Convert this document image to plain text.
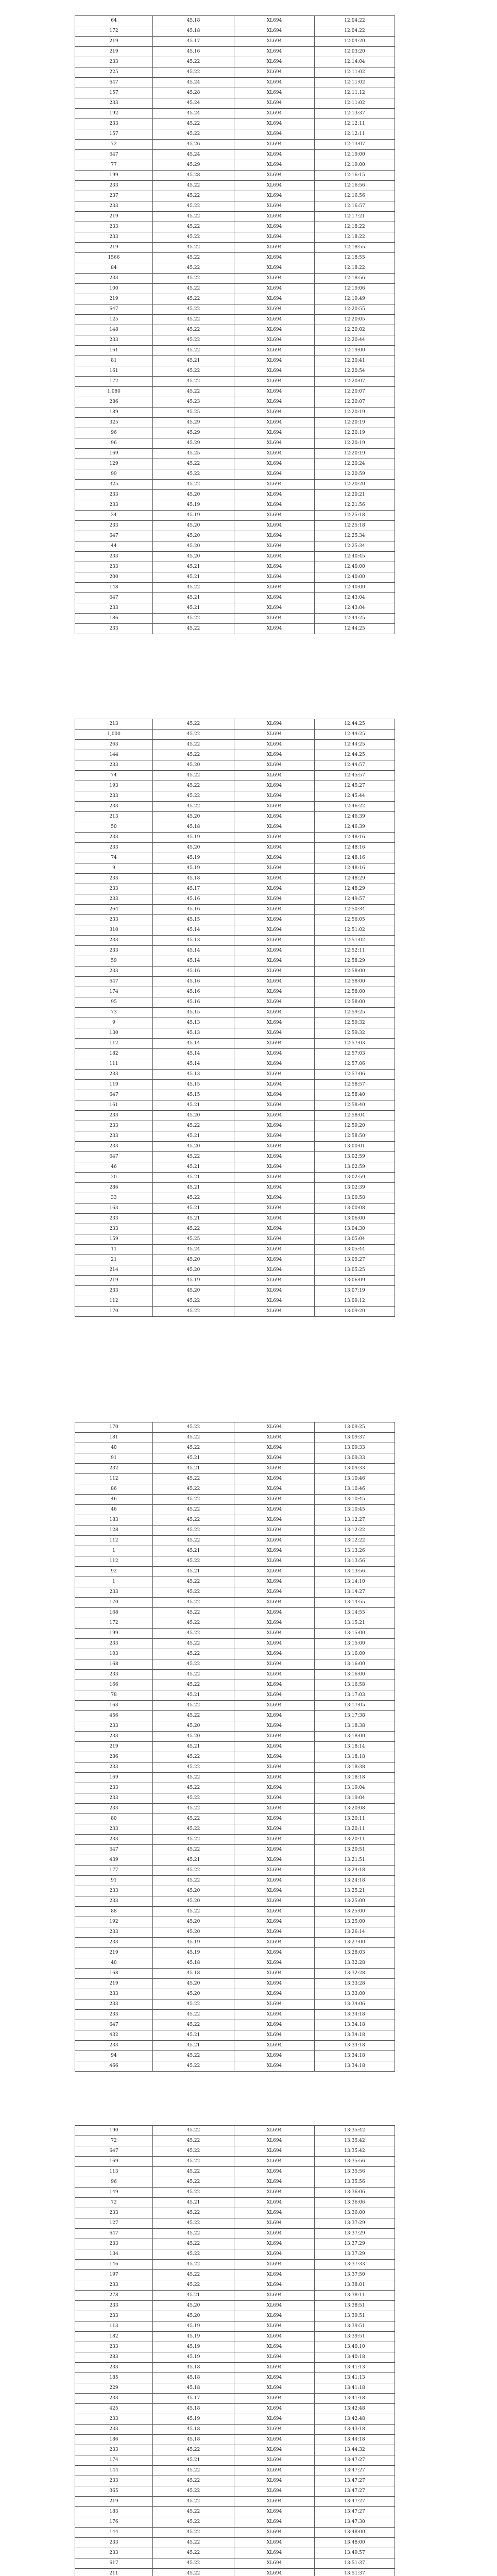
64	45.18	XL694	12:04:22
172	45.18	XL694	12:04:22
219	45.17	XL694	12:04:20
219	45.16	XL694	12:03:20
233	45.22	XL694	12:14:04
225	45.22	XL694	12:11:02
647	45.24	XL694	12:11:02
157	45.28	XL694	12:11:12
233	45.24	XL694	12:11:02
192	45.24	XL694	12:13:37
233	45.22	XL694	12:12:11
157	45.22	XL694	12:12:11
72	45.26	XL694	12:13:07
647	45.24	XL694	12:19:00
77	45.29	XL694	12:19:00
199	45.28	XL694	12:16:15
233	45.22	XL694	12:16:56
237	45.22	XL694	12:16:56
233	45.22	XL694	12:16:57
219	45.22	XL694	12:17:21
233	45.22	XL694	12:18:22
233	45.22	XL694	12:18:22
219	45.22	XL694	12:18:55
1566	45.22	XL694	12:18:55
84	45.22	XL694	12:18:22
233	45.22	XL694	12:18:56
100	45.22	XL694	12:19:06
219	45.22	XL694	12:19:49
647	45.22	XL694	12:20:55
125	45.22	XL694	12:20:05
148	45.22	XL694	12:20:02
233	45.22	XL694	12:20:44
161	45.22	XL694	12:19:00
81	45.21	XL694	12:20:41
161	45.22	XL694	12:20:54
172	45.22	XL694	12:20:07
1,080	45.22	XL694	12:20:07
286	45.23	XL694	12:20:07
189	45.25	XL694	12:20:19
325	45.29	XL694	12:20:19
96	45.29	XL694	12:20:19
96	45.29	XL694	12:20:19
169	45.25	XL694	12:20:19
129	45.22	XL694	12:20:24
99	45.22	XL694	12:20:59
325	45.22	XL694	12:20:20
233	45.20	XL694	12:20:21
233	45.19	XL694	12:21:56
34	45.19	XL694	12:25:18
233	45.20	XL694	12:25:18
647	45.20	XL694	12:25:34
44	45.20	XL694	12:25:34
233	45.20	XL694	12:40:45
233	45.21	XL694	12:40:00
200	45.21	XL694	12:40:00
148	45.22	XL694	12:40:00
647	45.21	XL694	12:43:04
233	45.21	XL694	12:43:04
186	45.22	XL694	12:44:25
233	45.22	XL694	12:44:25
213	45.22	XL694	12:44:25
1,000	45.22	XL694	12:44:25
263	45.22	XL694	12:44:25
144	45.22	XL694	12:44:25
233	45.20	XL694	12:44:57
74	45.22	XL694	12:45:57
193	45.22	XL694	12:45:27
233	45.22	XL694	12:45:44
233	45.22	XL694	12:46:22
213	45.20	XL694	12:46:39
50	45.18	XL694	12:46:39
233	45.19	XL694	12:48:16
233	45.20	XL694	12:48:16
74	45.19	XL694	12:48:16
9	45.19	XL694	12:48:16
233	45.18	XL694	12:48:29
233	45.17	XL694	12:48:29
233	45.16	XL694	12:49:57
264	45.16	XL694	12:50:34
233	45.15	XL694	12:56:05
310	45.14	XL694	12:51:02
233	45.13	XL694	12:51:02
233	45.14	XL694	12:52:11
59	45.14	XL694	12:58:29
233	45.16	XL694	12:58:00
647	45.16	XL694	12:58:00
174	45.16	XL694	12:58:00
95	45.16	XL694	12:58:00
73	45.15	XL694	12:59:25
9	45.13	XL694	12:59:32
130	45.13	XL694	12:59:32
112	45.14	XL694	12:57:03
182	45.14	XL694	12:57:03
111	45.14	XL694	12:57:06
233	45.13	XL694	12:57:06
119	45.15	XL694	12:58:57
647	45.15	XL694	12:58:40
161	45.21	XL694	12:58:40
233	45.20	XL694	12:58:04
233	45.22	XL694	12:59:20
233	45.21	XL694	12:58:50
233	45.20	XL694	13:00:01
647	45.22	XL694	13:02:59
46	45.21	XL694	13:02:59
20	45.21	XL694	13:02:59
286	45.21	XL694	13:02:39
33	45.22	XL694	13:00:58
163	45.21	XL694	13:00:08
233	45.21	XL694	13:06:00
233	45.22	XL694	13:04:30
159	45.25	XL694	13:05:04
11	45.24	XL694	13:05:44
21	45.20	XL694	13:05:27
214	45.20	XL694	13:05:25
219	45.19	XL694	13:06:09
233	45.20	XL694	13:07:19
112	45.22	XL694	13:09:12
170	45.22	XL694	13:09:20
170	45.22	XL694	13:09:25
181	45.22	XL694	13:09:37
40	45.22	XL694	13:09:33
91	45.21	XL694	13:09:33
232	45.21	XL694	13:09:33
112	45.22	XL694	13:10:46
86	45.22	XL694	13:10:46
46	45.22	XL694	13:10:45
46	45.22	XL694	13:10:45
183	45.22	XL694	13:12:27
128	45.22	XL694	13:12:22
112	45.22	XL694	13:12:22
1	45.21	XL694	13:13:26
112	45.22	XL694	13:13:56
92	45.21	XL694	13:13:56
1	45.22	XL694	13:14:10
233	45.22	XL694	13:14:27
170	45.22	XL694	13:14:55
168	45.22	XL694	13:14:55
172	45.22	XL694	13:15:21
199	45.22	XL694	13:15:00
233	45.22	XL694	13:15:00
103	45.22	XL694	13:16:00
168	45.22	XL694	13:16:00
233	45.22	XL694	13:16:00
166	45.22	XL694	13:16:58
78	45.21	XL694	13:17:03
163	45.22	XL694	13:17:05
456	45.22	XL694	13:17:38
233	45.20	XL694	13:18:38
233	45.20	XL694	13:18:00
219	45.21	XL694	13:18:14
286	45.22	XL694	13:18:18
233	45.22	XL694	13:18:38
169	45.22	XL694	13:18:18
233	45.22	XL694	13:19:04
233	45.22	XL694	13:19:04
233	45.22	XL694	13:20:08
80	45.22	XL694	13:20:11
233	45.22	XL694	13:20:11
233	45.22	XL694	13:20:11
647	45.22	XL694	13:20:51
439	45.21	XL694	13:21:51
177	45.22	XL694	13:24:18
91	45.22	XL694	13:24:18
233	45.20	XL694	13:25:21
233	45.20	XL694	13:25:00
88	45.22	XL694	13:25:00
192	45.20	XL694	13:25:00
233	45.20	XL694	13:26:14
233	45.19	XL694	13:27:00
219	45.19	XL694	13:28:03
40	45.18	XL694	13:32:28
168	45.18	XL694	13:32:28
219	45.20	XL694	13:33:28
233	45.20	XL694	13:33:00
233	45.22	XL694	13:34:06
233	45.22	XL694	13:34:18
647	45.22	XL694	13:34:18
432	45.21	XL694	13:34:18
233	45.21	XL694	13:34:18
94	45.22	XL694	13:34:18
466	45.22	XL694	13:34:18
190	45.22	XL694	13:35:42
72	45.22	XL694	13:35:42
647	45.22	XL694	13:35:42
169	45.22	XL694	13:35:56
113	45.22	XL694	13:35:56
96	45.22	XL694	13:35:56
149	45.22	XL694	13:36:06
72	45.21	XL694	13:36:06
233	45.22	XL694	13:36:00
127	45.22	XL694	13:37:29
647	45.22	XL694	13:37:29
233	45.22	XL694	13:37:29
134	45.22	XL694	13:37:29
146	45.22	XL694	13:37:33
197	45.22	XL694	13:37:50
233	45.22	XL694	13:38:01
278	45.21	XL694	13:38:11
233	45.20	XL694	13:38:51
233	45.20	XL694	13:39:51
113	45.19	XL694	13:39:51
182	45.19	XL694	13:39:51
233	45.19	XL694	13:40:10
283	45.19	XL694	13:40:18
233	45.18	XL694	13:41:13
185	45.18	XL694	13:41:13
229	45.18	XL694	13:41:18
233	45.17	XL694	13:41:18
425	45.18	XL694	13:42:48
233	45.19	XL694	13:42:48
233	45.18	XL694	13:43:18
186	45.18	XL694	13:44:18
233	45.22	XL694	13:44:32
174	45.21	XL694	13:47:27
144	45.22	XL694	13:47:27
233	45.22	XL694	13:47:27
365	45.22	XL694	13:47:27
219	45.22	XL694	13:47:27
183	45.22	XL694	13:47:27
176	45.22	XL694	13:47:30
144	45.22	XL694	13:48:00
233	45.22	XL694	13:48:00
233	45.22	XL694	13:49:57
617	45.22	XL694	13:51:37
211	45.22	XL694	13:51:37
